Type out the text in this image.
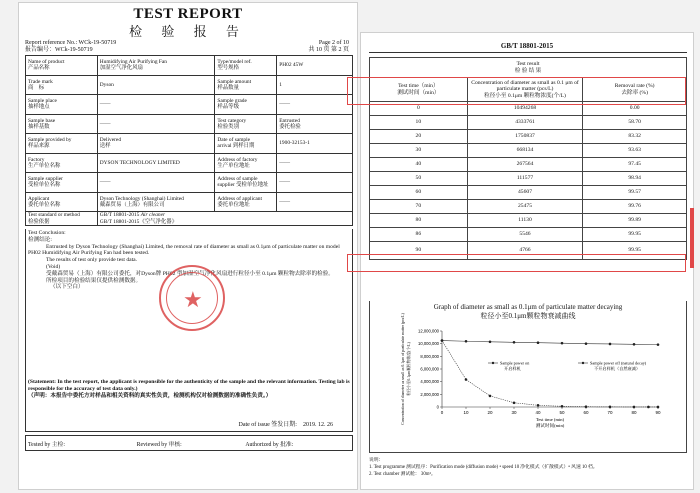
TEST REPORT
检 验 报 告
Report reference No.: WCk-19-50719
报告编号：WCk-19-50719
Page 2 of 10
共 10 页 第 2 页
Name of product
产品名称	Humidifying Air Purifying Fan
加湿空气净化风扇	Type/model ref.
型号规格	PH02 45W

Trade mark
商　标	Dyson	Sample amount
样品数量	1

Sample place
抽样地点	——	Sample grade
样品等级	——

Sample base
抽样基数	——	Test category
检验类别	Entrusted
委托检验

Sample provided by
样品来源	Delivered
送样	Date of sample
arrival 到样日期	1900-32153-1

Factory
生产单位名称	DYSON TECHNOLOGY LIMITED	Address of factory
生产单位地址	——

Sample supplier
受检单位名称	——	Address of sample
supplier 受检单位地址	——

Applicant
委托单位名称	Dyson Technology (Shanghai) Limited
戴森贸易（上海）有限公司	Address of applicant
委托单位地址	——

Test standard or method
检验依据	GB/T 18801-2015 Air cleaner
GB/T 18801-2015《空气净化器》		

Test Conclusion:
检测结论:

Entrusted by Dyson Technology (Shanghai) Limited, the removal rate of diameter as small as 0.1μm of particulate matter on model PH02 Humidifying Air Purifying Fan had been tested.

The results of test only provide test data.

(Void)

受戴森贸易（上海）有限公司委托，对Dyson牌 PH02 型加湿空气净化风扇进行粒径小至 0.1μm 颗粒物去除率的检验。

所检项目的检验结果仅提供检测数据。

（以下空白）

(Statement: In the test report, the applicant is responsible for the authenticity of the sample and the relevant information. Testing lab is responsible for the accuracy of test data only.)

（声明：本报告中委托方对样品和相关资料的真实性负责，检测机构仅对检测数据的准确性负责。）

★
Date of issue 签发日期:　 2019. 12. 26
Tested by 主检:	Reviewed by 审核:	Authorized by 批准:
GB/T 18801-2015
Test result
检 验 结 果		

Test time（min）
测试时间（min）	Concentration of diameter as small as 0.1 μm of particulate matter (pcs/L)
粒径小至 0.1μm 颗粒物浓度(个/L)	Removal rate (%)
去除率 (%)

0	10494268	0.00
10	4333761	58.70
20	1750837	83.32
30	668134	93.63
40	267564	97.45
50	111577	98.94
60	45607	99.57
70	25475	99.76
80	11130	99.89
86	5546	99.95
90	4766	99.95
Graph of diameter as small as 0.1μm of particulate matter decaying
粒径小至0.1μm颗粒物衰减曲线
0
2,000,000
4,000,000
6,000,000
8,000,000
10,000,000
12,000,000
0	10	20	30	40	50	60	70	80	90
Test time (min)
测试时间(min)
Concentration of diameter as small as 0.1μm of particulate matter (pcs/L) 粒径小至0.1μm颗粒物浓度(个/L)	Sample power on
开启样机
Sample power off (natural decay)
不开启样机（自然衰减）

说明：

1. Test programme 测试程序：Purification mode (diffusion mode) • speed 10 净化模式（扩散模式）• 风速 10 档。

2. Test chamber 测试舱： 30m³。
